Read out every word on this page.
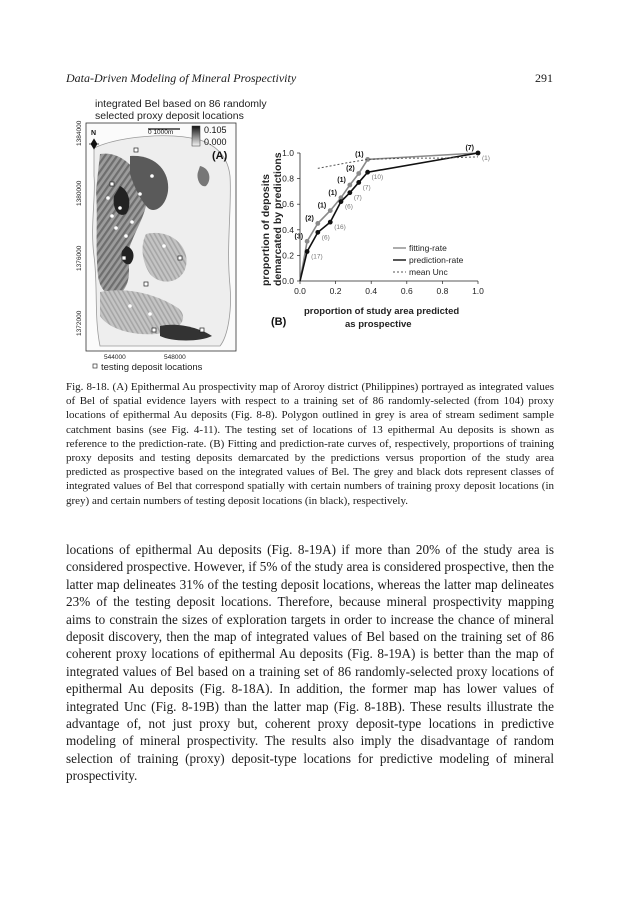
Data-Driven Modeling of Mineral Prospectivity	291
integrated Bel based on 86 randomly
selected proxy deposit locations
N	0 1000m	0.105
0.000
(A)
1384000
1380000
1376000
1372000
544000	548000
testing deposit locations
proportion of deposits demarcated by predictions
0.0
0.2
0.4
0.6
0.8
1.0
0.0	0.2	0.4	0.6	0.8	1.0
(3)
(2)
(1)
(1)
(1)
(2)
(1)
(7)
(17)
(6)
(16)
(6)
(7)
(7)
(10)
(1)
fitting-rate
prediction-rate
mean Unc
(B)
proportion of study area predicted
as prospective
Fig. 8-18. (A) Epithermal Au prospectivity map of Aroroy district (Philippines) portrayed as integrated values of Bel of spatial evidence layers with respect to a training set of 86 randomly-selected (from 104) proxy locations of epithermal Au deposits (Fig. 8-8). Polygon outlined in grey is area of stream sediment sample catchment basins (see Fig. 4-11). The testing set of locations of 13 epithermal Au deposits is shown as reference to the prediction-rate. (B) Fitting and prediction-rate curves of, respectively, proportions of training proxy deposits and testing deposits demarcated by the predictions versus proportion of the study area predicted as prospective based on the integrated values of Bel. The grey and black dots represent classes of integrated values of Bel that correspond spatially with certain numbers of training proxy deposit locations (in grey) and certain numbers of testing deposit locations (in black), respectively.
locations of epithermal Au deposits (Fig. 8-19A) if more than 20% of the study area is considered prospective. However, if 5% of the study area is considered prospective, then the latter map delineates 31% of the testing deposit locations, whereas the latter map delineates 23% of the testing deposit locations. Therefore, because mineral prospectivity mapping aims to constrain the sizes of exploration targets in order to increase the chance of mineral deposit discovery, then the map of integrated values of Bel based on the training set of 86 coherent proxy locations of epithermal Au deposits (Fig. 8-19A) is better than the map of integrated values of Bel based on a training set of 86 randomly-selected proxy locations of epithermal Au deposits (Fig. 8-18A). In addition, the former map has lower values of integrated Unc (Fig. 8-19B) than the latter map (Fig. 8-18B). These results illustrate the advantage of, not just proxy but, coherent proxy deposit-type locations in predictive modeling of mineral prospectivity. The results also imply the disadvantage of random selection of training (proxy) deposit-type locations for predictive modeling of mineral prospectivity.
